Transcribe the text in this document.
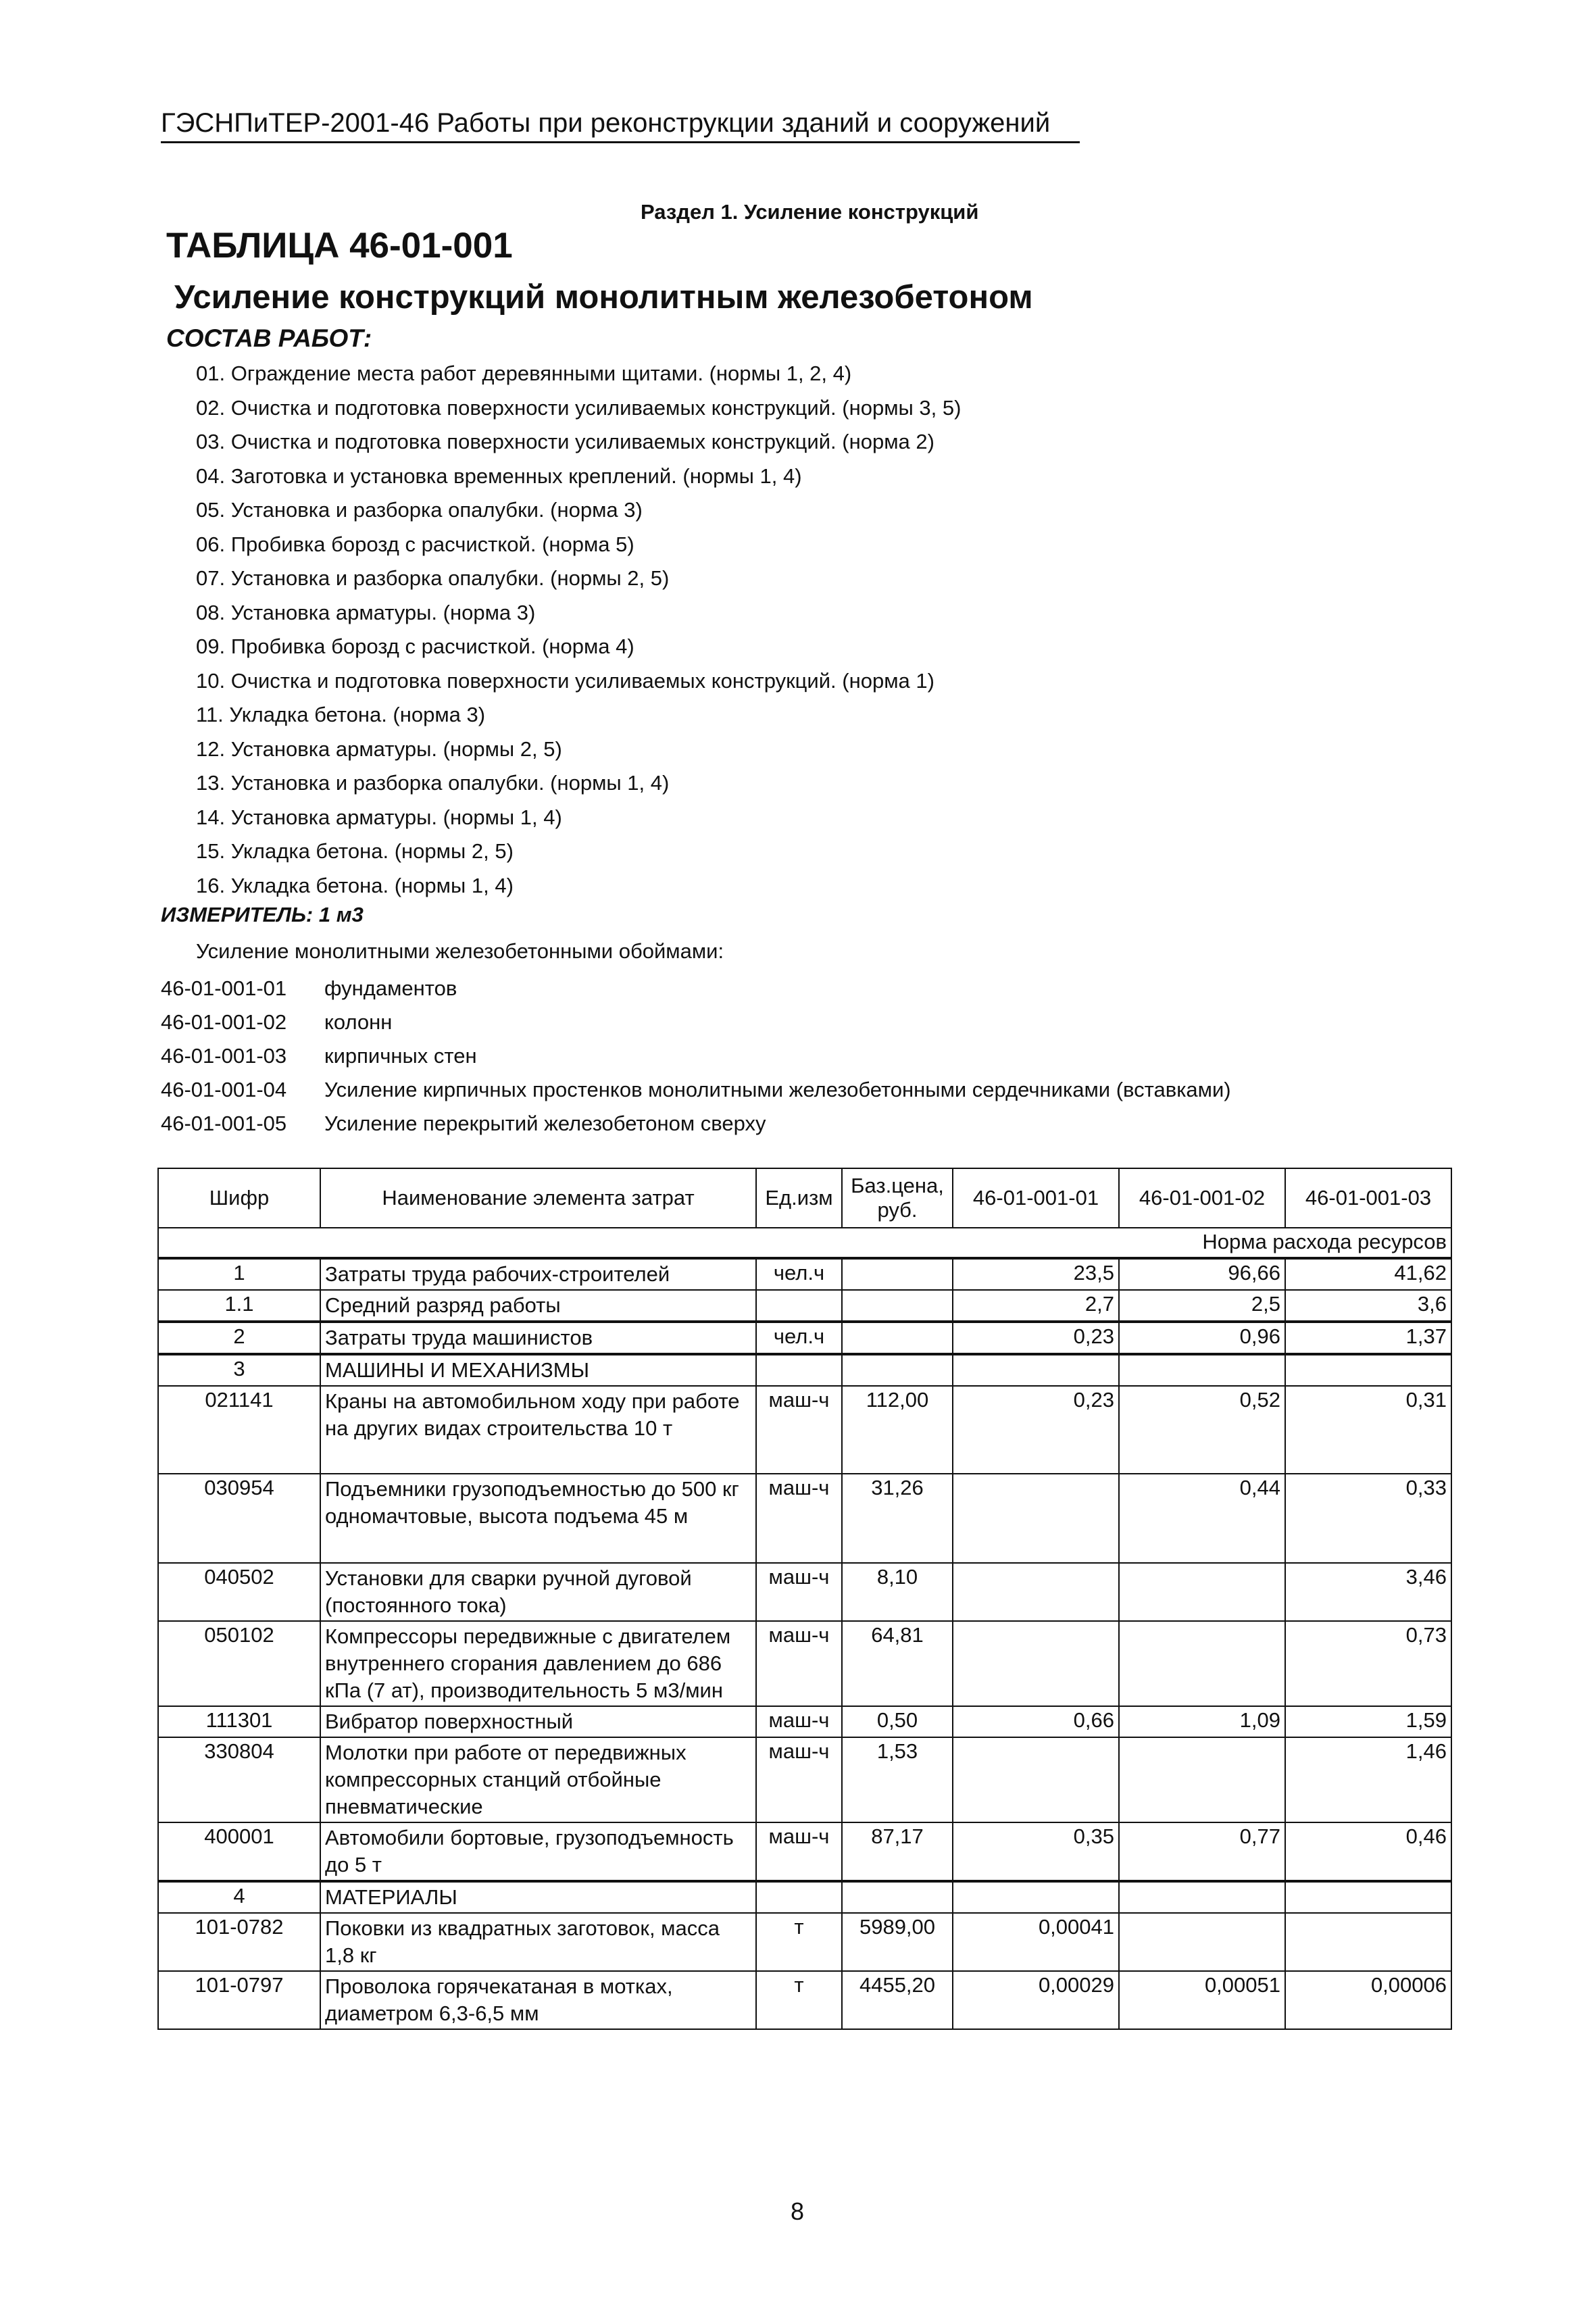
ГЭСНПиТЕР-2001-46 Работы при реконструкции зданий и сооружений
Раздел 1. Усиление конструкций
ТАБЛИЦА 46-01-001
Усиление конструкций монолитным железобетоном
СОСТАВ РАБОТ:
01. Ограждение места работ деревянными щитами. (нормы 1, 2, 4)
02. Очистка и подготовка поверхности усиливаемых конструкций. (нормы 3, 5)
03. Очистка и подготовка поверхности усиливаемых конструкций. (норма 2)
04. Заготовка и установка временных креплений. (нормы 1, 4)
05. Установка и разборка опалубки. (норма 3)
06. Пробивка борозд с расчисткой. (норма 5)
07. Установка и разборка опалубки. (нормы 2, 5)
08. Установка арматуры. (норма 3)
09. Пробивка борозд с расчисткой. (норма 4)
10. Очистка и подготовка поверхности усиливаемых конструкций. (норма 1)
11. Укладка бетона. (норма 3)
12. Установка арматуры. (нормы 2, 5)
13. Установка и разборка опалубки. (нормы 1, 4)
14. Установка арматуры. (нормы 1, 4)
15. Укладка бетона. (нормы 2, 5)
16. Укладка бетона. (нормы 1, 4)
ИЗМЕРИТЕЛЬ: 1 м3
Усиление монолитными железобетонными обоймами:
46-01-001-01 фундаментов
46-01-001-02 колонн
46-01-001-03 кирпичных стен
46-01-001-04 Усиление кирпичных простенков монолитными железобетонными сердечниками (вставками)
46-01-001-05 Усиление перекрытий железобетоном сверху
Шифр	Наименование элемента затрат	Ед.изм	Баз.цена, руб.	46-01-001-01	46-01-001-02	46-01-001-03
Норма расхода ресурсов						
1	Затраты труда рабочих-строителей	чел.ч		23,5	96,66	41,62
1.1	Средний разряд работы			2,7	2,5	3,6
2	Затраты труда машинистов	чел.ч		0,23	0,96	1,37
3	МАШИНЫ И МЕХАНИЗМЫ					
021141	Краны на автомобильном ходу при работе на других видах строительства 10 т	маш-ч	112,00	0,23	0,52	0,31
030954	Подъемники грузоподъемностью до 500 кг одномачтовые, высота подъема 45 м	маш-ч	31,26		0,44	0,33
040502	Установки для сварки ручной дуговой (постоянного тока)	маш-ч	8,10			3,46
050102	Компрессоры передвижные с двигателем внутреннего сгорания давлением до 686 кПа (7 ат), производительность 5 м3/мин	маш-ч	64,81			0,73
111301	Вибратор поверхностный	маш-ч	0,50	0,66	1,09	1,59
330804	Молотки при работе от передвижных компрессорных станций отбойные пневматические	маш-ч	1,53			1,46
400001	Автомобили бортовые, грузоподъемность до 5 т	маш-ч	87,17	0,35	0,77	0,46
4	МАТЕРИАЛЫ					
101-0782	Поковки из квадратных заготовок, масса 1,8 кг	т	5989,00	0,00041		
101-0797	Проволока горячекатаная в мотках, диаметром 6,3-6,5 мм	т	4455,20	0,00029	0,00051	0,00006
8
